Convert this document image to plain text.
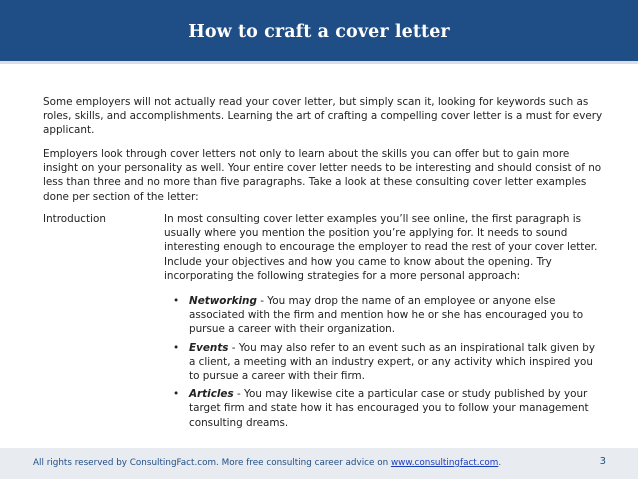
How to craft a cover letter

Some employers will not actually read your cover letter, but simply scan it, looking for keywords such as roles, skills, and accomplishments. Learning the art of crafting a compelling cover letter is a must for every applicant.

Employers look through cover letters not only to learn about the skills you can offer but to gain more insight on your personality as well. Your entire cover letter needs to be interesting and should consist of no less than three and no more than five paragraphs. Take a look at these consulting cover letter examples done per section of the letter:

Introduction	In most consulting cover letter examples you’ll see online, the first paragraph is usually where you mention the position you’re applying for. It needs to sound interesting enough to encourage the employer to read the rest of your cover letter. Include your objectives and how you came to know about the opening. Try incorporating the following strategies for a more personal approach:

• Networking - You may drop the name of an employee or anyone else associated with the firm and mention how he or she has encouraged you to pursue a career with their organization.
• Events - You may also refer to an event such as an inspirational talk given by a client, a meeting with an industry expert, or any activity which inspired you to pursue a career with their firm.
• Articles - You may likewise cite a particular case or study published by your target firm and state how it has encouraged you to follow your management consulting dreams.
All rights reserved by ConsultingFact.com. More free consulting career advice on www.consultingfact.com.	3
